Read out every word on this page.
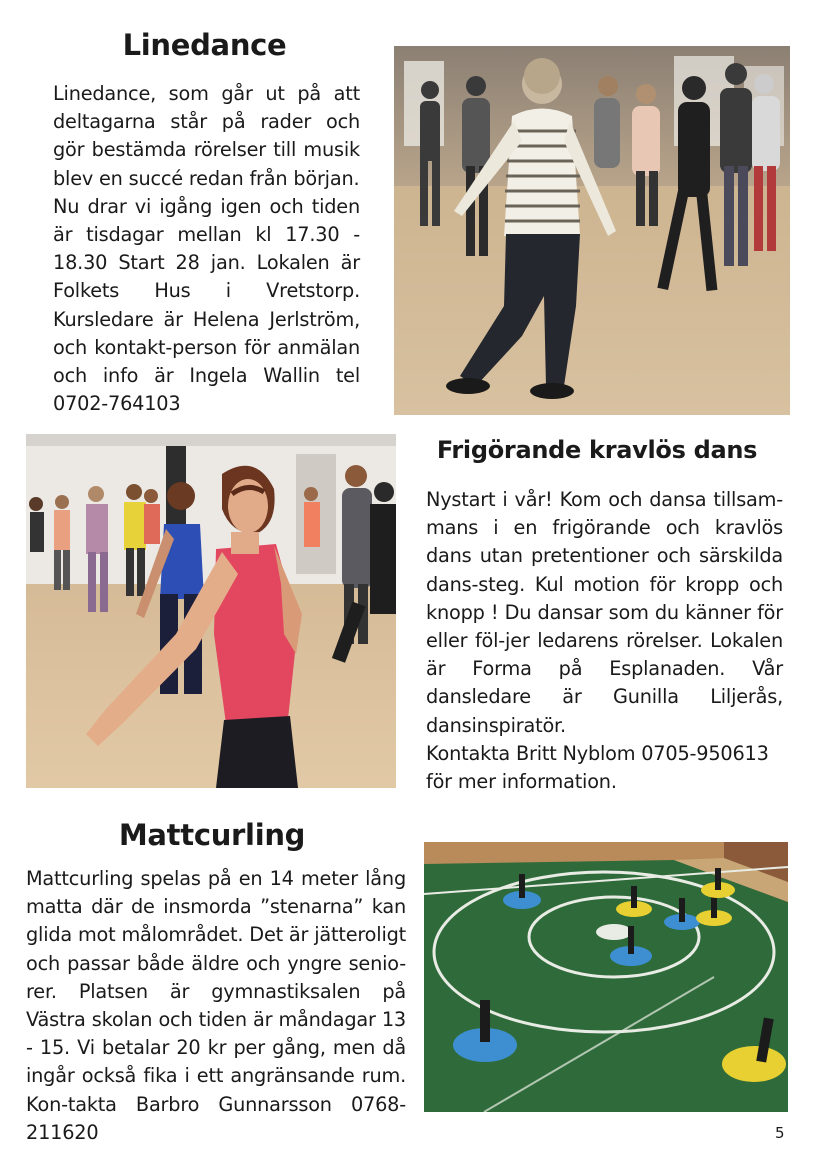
Linedance

Linedance, som går ut på att deltagarna står på rader och gör bestämda rörelser till musik blev en succé redan från början.

Nu drar vi igång igen och tiden är tisdagar mellan kl 17.30 - 18.30 Start 28 jan. Lokalen är Folkets Hus i Vretstorp. Kursledare är Helena Jerlström, och kontakt-person för anmälan och info är Ingela Wallin tel 0702-764103

Frigörande kravlös dans

Nystart i vår! Kom och dansa tillsam-mans i en frigörande och kravlös dans utan pretentioner och särskilda dans-steg. Kul motion för kropp och knopp ! Du dansar som du känner för eller föl-jer ledarens rörelser. Lokalen är Forma på Esplanaden. Vår dansledare är Gunilla Liljerås, dansinspiratör.

Kontakta Britt Nyblom 0705-950613 för mer information.

Mattcurling

Mattcurling spelas på en 14 meter lång matta där de insmorda ”stenarna” kan glida mot målområdet. Det är jätteroligt och passar både äldre och yngre senio-rer. Platsen är gymnastiksalen på Västra skolan och tiden är måndagar 13 - 15. Vi betalar 20 kr per gång, men då ingår också fika i ett angränsande rum. Kon-takta Barbro Gunnarsson 0768-211620	5
